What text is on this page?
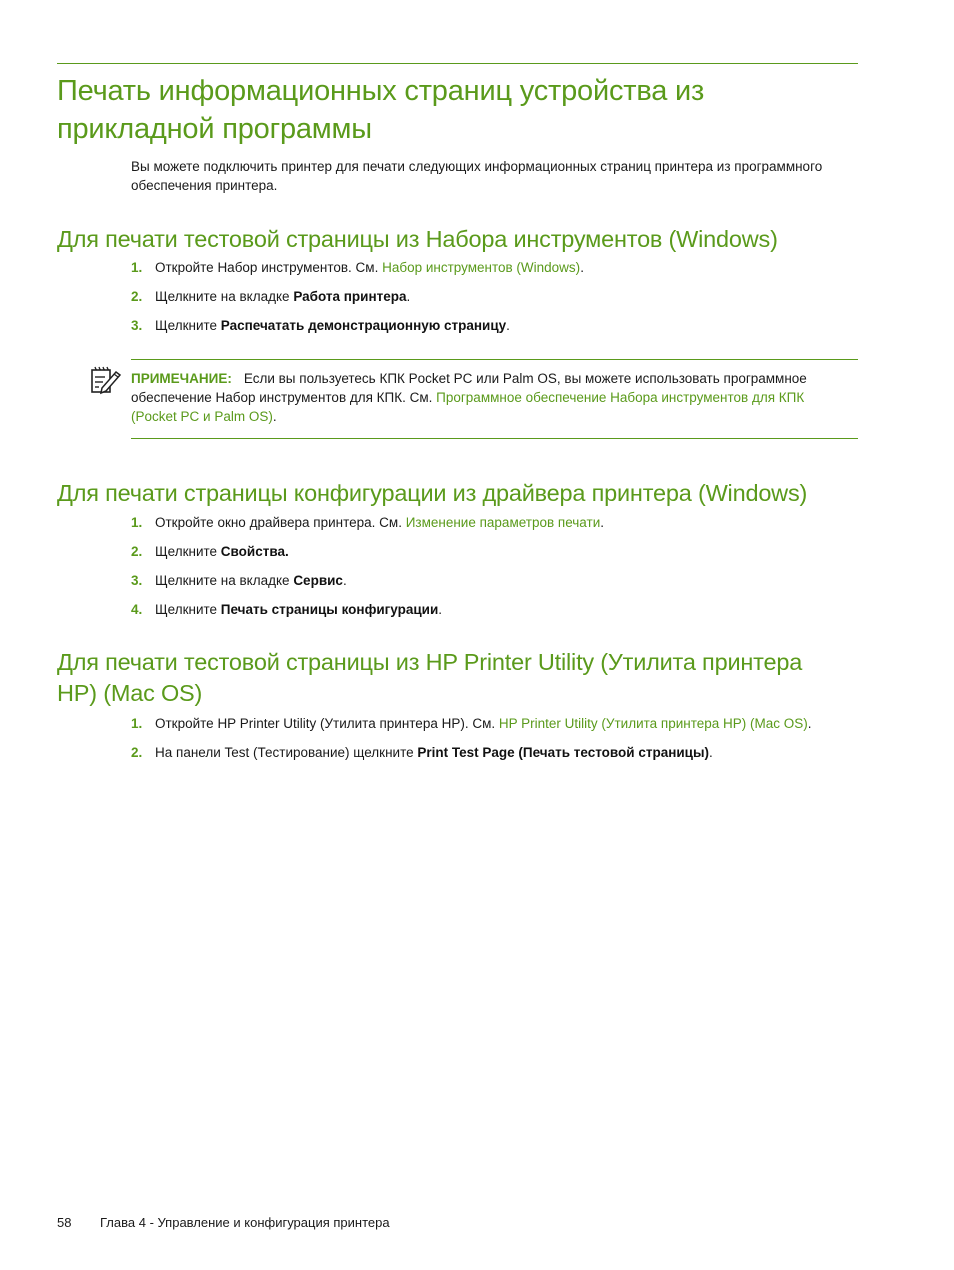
Печать информационных страниц устройства из прикладной программы

Вы можете подключить принтер для печати следующих информационных страниц принтера из программного обеспечения принтера.

Для печати тестовой страницы из Набора инструментов (Windows)
1. Откройте Набор инструментов. См. Набор инструментов (Windows).
2. Щелкните на вкладке Работа принтера.
3. Щелкните Распечатать демонстрационную страницу.
ПРИМЕЧАНИЕ: Если вы пользуетесь КПК Pocket PC или Palm OS, вы можете использовать программное обеспечение Набор инструментов для КПК. См. Программное обеспечение Набора инструментов для КПК (Pocket PC и Palm OS).
Для печати страницы конфигурации из драйвера принтера (Windows)
1. Откройте окно драйвера принтера. См. Изменение параметров печати.
2. Щелкните Свойства.
3. Щелкните на вкладке Сервис.
4. Щелкните Печать страницы конфигурации.
Для печати тестовой страницы из HP Printer Utility (Утилита принтера HP) (Mac OS)
1. Откройте HP Printer Utility (Утилита принтера HP). См. HP Printer Utility (Утилита принтера HP) (Mac OS).
2. На панели Test (Тестирование) щелкните Print Test Page (Печать тестовой страницы).
58 Глава 4 - Управление и конфигурация принтера
